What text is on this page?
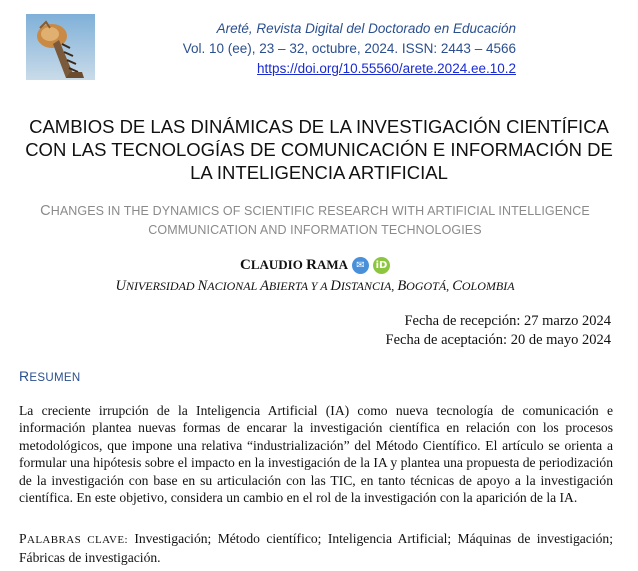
Areté, Revista Digital del Doctorado en Educación
Vol. 10 (ee), 23 – 32, octubre, 2024. ISSN: 2443 – 4566
https://doi.org/10.55560/arete.2024.ee.10.2
CAMBIOS DE LAS DINÁMICAS DE LA INVESTIGACIÓN CIENTÍFICA
CON LAS TECNOLOGÍAS DE COMUNICACIÓN E INFORMACIÓN DE
LA INTELIGENCIA ARTIFICIAL
CHANGES IN THE DYNAMICS OF SCIENTIFIC RESEARCH WITH ARTIFICIAL INTELLIGENCE
COMMUNICATION AND INFORMATION TECHNOLOGIES
CLAUDIO RAMA ✉	iD
UNIVERSIDAD NACIONAL ABIERTA Y A DISTANCIA, BOGOTÁ, COLOMBIA
Fecha de recepción: 27 marzo 2024
Fecha de aceptación: 20 de mayo 2024
RESUMEN
La creciente irrupción de la Inteligencia Artificial (IA) como nueva tecnología de comunicación e información plantea nuevas formas de encarar la investigación científica en relación con los procesos metodológicos, que impone una relativa “industrialización” del Método Científico. El artículo se orienta a formular una hipótesis sobre el impacto en la investigación de la IA y plantea una propuesta de periodización de la investigación con base en su articulación con las TIC, en tanto técnicas de apoyo a la investigación científica. En este objetivo, considera un cambio en el rol de la investigación con la aparición de la IA.
PALABRAS CLAVE: Investigación; Método científico; Inteligencia Artificial; Máquinas de investigación; Fábricas de investigación.
